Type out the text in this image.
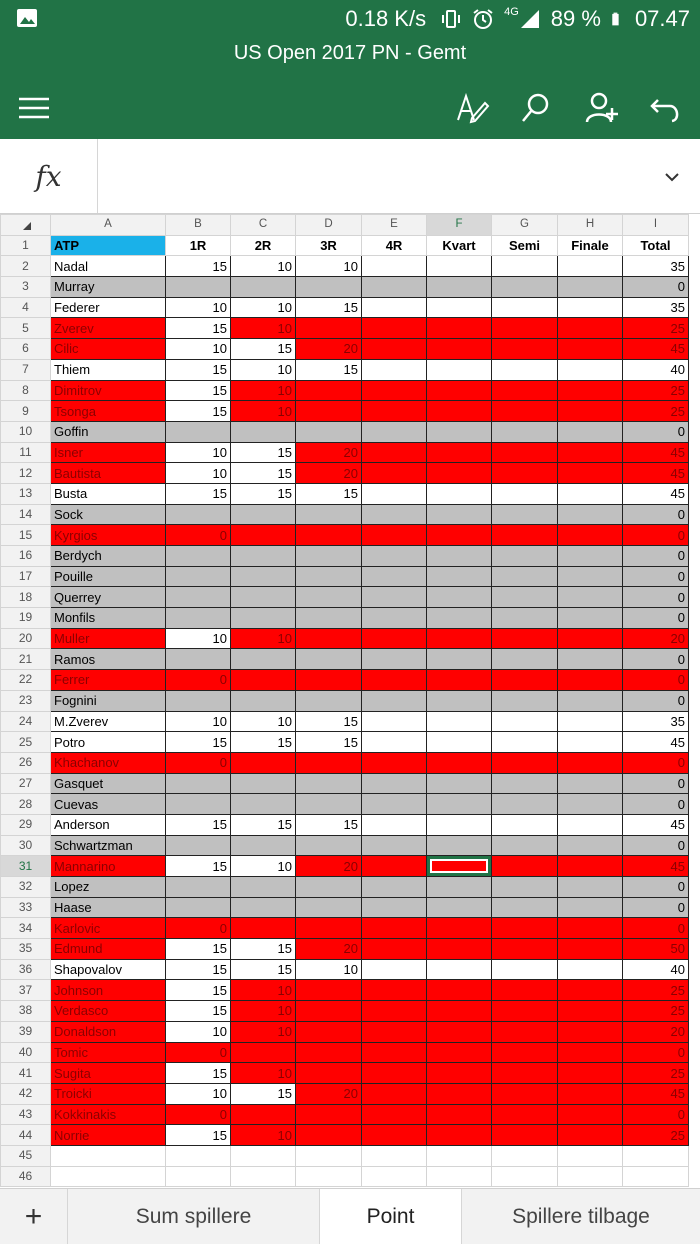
0.18 K/s	4G 89 % 07.47
US Open 2017 PN - Gemt
fx
	A	B	C	D	E	F	G	H	I
1	ATP	1R	2R	3R	4R	Kvart	Semi	Finale	Total
2	Nadal	15	10	10					35
3	Murray								0
4	Federer	10	10	15					35
5	Zverev	15	10						25
6	Cilic	10	15	20					45
7	Thiem	15	10	15					40
8	Dimitrov	15	10						25
9	Tsonga	15	10						25
10	Goffin								0
11	Isner	10	15	20					45
12	Bautista	10	15	20					45
13	Busta	15	15	15					45
14	Sock								0
15	Kyrgios	0							0
16	Berdych								0
17	Pouille								0
18	Querrey								0
19	Monfils								0
20	Muller	10	10						20
21	Ramos								0
22	Ferrer	0							0
23	Fognini								0
24	M.Zverev	10	10	15					35
25	Potro	15	15	15					45
26	Khachanov	0							0
27	Gasquet								0
28	Cuevas								0
29	Anderson	15	15	15					45
30	Schwartzman								0
31	Mannarino	15	10	20					45
32	Lopez								0
33	Haase								0
34	Karlovic	0							0
35	Edmund	15	15	20					50
36	Shapovalov	15	15	10					40
37	Johnson	15	10						25
38	Verdasco	15	10						25
39	Donaldson	10	10						20
40	Tomic	0							0
41	Sugita	15	10						25
42	Troicki	10	15	20					45
43	Kokkinakis	0							0
44	Norrie	15	10						25
45									
46									
+	Sum spillere	Point	Spillere tilbage
